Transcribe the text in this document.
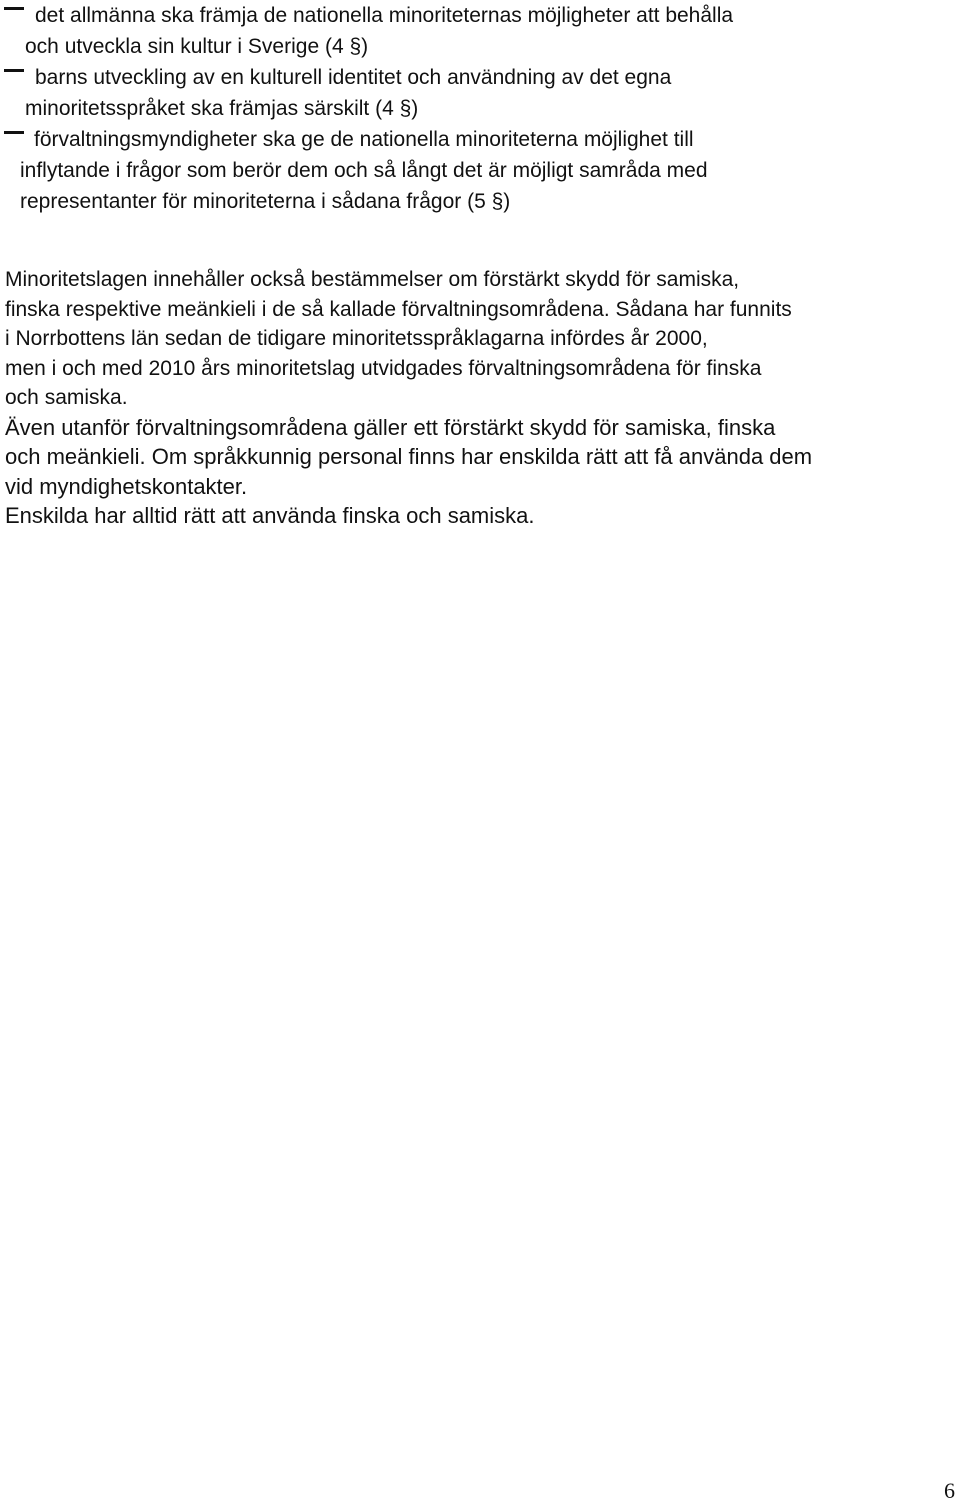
det allmänna ska främja de nationella minoriteternas möjligheter att behålla
och utveckla sin kultur i Sverige (4 §)
barns utveckling av en kulturell identitet och användning av det egna
minoritetsspråket ska främjas särskilt (4 §)
förvaltningsmyndigheter ska ge de nationella minoriteterna möjlighet till
inflytande i frågor som berör dem och så långt det är möjligt samråda med
representanter för minoriteterna i sådana frågor (5 §)

Minoritetslagen innehåller också bestämmelser om förstärkt skydd för samiska,
finska respektive meänkieli i de så kallade förvaltningsområdena. Sådana har funnits
i Norrbottens län sedan de tidigare minoritetsspråklagarna infördes år 2000,
men i och med 2010 års minoritetslag utvidgades förvaltningsområdena för finska
och samiska.

Även utanför förvaltningsområdena gäller ett förstärkt skydd för samiska, finska
och meänkieli. Om språkkunnig personal finns har enskilda rätt att få använda dem
vid myndighetskontakter.

Enskilda har alltid rätt att använda finska och samiska.

6
